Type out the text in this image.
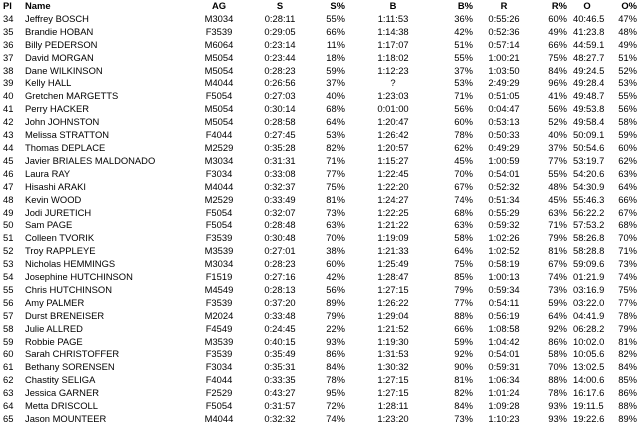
Pl	Name	AG	S	S%	B	B%	R	R%	O	O%
34	Jeffrey BOSCH	M3034	0:28:11	55%	1:11:53	36%	0:55:26	60%	40:46.5	47%
35	Brandie HOBAN	F3539	0:29:05	66%	1:14:38	42%	0:52:36	49%	41:23.8	48%
36	Billy PEDERSON	M6064	0:23:14	11%	1:17:07	51%	0:57:14	66%	44:59.1	49%
37	David MORGAN	M5054	0:23:44	18%	1:18:02	55%	1:00:21	75%	48:27.7	51%
38	Dane WILKINSON	M5054	0:28:23	59%	1:12:23	37%	1:03:50	84%	49:24.5	52%
39	Kelly HALL	M4044	0:26:56	37%	?	53%	2:49:29	96%	49:28.4	53%
40	Gretchen MARGETTS	F5054	0:27:03	40%	1:23:03	71%	0:51:05	41%	49:48.7	55%
41	Perry HACKER	M5054	0:30:14	68%	0:01:00	56%	0:04:47	56%	49:53.8	56%
42	John JOHNSTON	M5054	0:28:58	64%	1:20:47	60%	0:53:13	52%	49:58.4	58%
43	Melissa STRATTON	F4044	0:27:45	53%	1:26:42	78%	0:50:33	40%	50:09.1	59%
44	Thomas DEPLACE	M2529	0:35:28	82%	1:20:57	62%	0:49:29	37%	50:54.6	60%
45	Javier BRIALES MALDONADO	M3034	0:31:31	71%	1:15:27	45%	1:00:59	77%	53:19.7	62%
46	Laura RAY	F3034	0:33:08	77%	1:22:45	70%	0:54:01	55%	54:20.6	63%
47	Hisashi ARAKI	M4044	0:32:37	75%	1:22:20	67%	0:52:32	48%	54:30.9	64%
48	Kevin WOOD	M2529	0:33:49	81%	1:24:27	74%	0:51:34	45%	55:46.3	66%
49	Jodi JURETICH	F5054	0:32:07	73%	1:22:25	68%	0:55:29	63%	56:22.2	67%
50	Sam PAGE	F5054	0:28:48	63%	1:21:22	63%	0:59:32	71%	57:53.2	68%
51	Colleen TVORIK	F3539	0:30:48	70%	1:19:09	58%	1:02:26	79%	58:26.8	70%
52	Troy RAPPLEYE	M3539	0:27:01	38%	1:21:33	64%	1:02:52	81%	58:28.8	71%
53	Nicholas HEMMINGS	M3034	0:28:23	60%	1:25:49	75%	0:58:19	67%	59:09.6	73%
54	Josephine HUTCHINSON	F1519	0:27:16	42%	1:28:47	85%	1:00:13	74%	01:21.9	74%
55	Chris HUTCHINSON	M4549	0:28:13	56%	1:27:15	79%	0:59:34	73%	03:16.9	75%
56	Amy PALMER	F3539	0:37:20	89%	1:26:22	77%	0:54:11	59%	03:22.0	77%
57	Durst BRENEISER	M2024	0:33:48	79%	1:29:04	88%	0:56:19	64%	04:41.9	78%
58	Julie ALLRED	F4549	0:24:45	22%	1:21:52	66%	1:08:58	92%	06:28.2	79%
59	Robbie PAGE	M3539	0:40:15	93%	1:19:30	59%	1:04:42	86%	10:02.0	81%
60	Sarah CHRISTOFFER	F3539	0:35:49	86%	1:31:53	92%	0:54:01	58%	10:05.6	82%
61	Bethany SORENSEN	F3034	0:35:31	84%	1:30:32	90%	0:59:31	70%	13:02.5	84%
62	Chastity SELIGA	F4044	0:33:35	78%	1:27:15	81%	1:06:34	88%	14:00.6	85%
63	Jessica GARNER	F2529	0:43:27	95%	1:27:15	82%	1:01:24	78%	16:17.6	86%
64	Metta DRISCOLL	F5054	0:31:57	72%	1:28:11	84%	1:09:28	93%	19:11.5	88%
65	Jason MOUNTEER	M4044	0:32:32	74%	1:23:20	73%	1:10:23	93%	19:22.6	89%
